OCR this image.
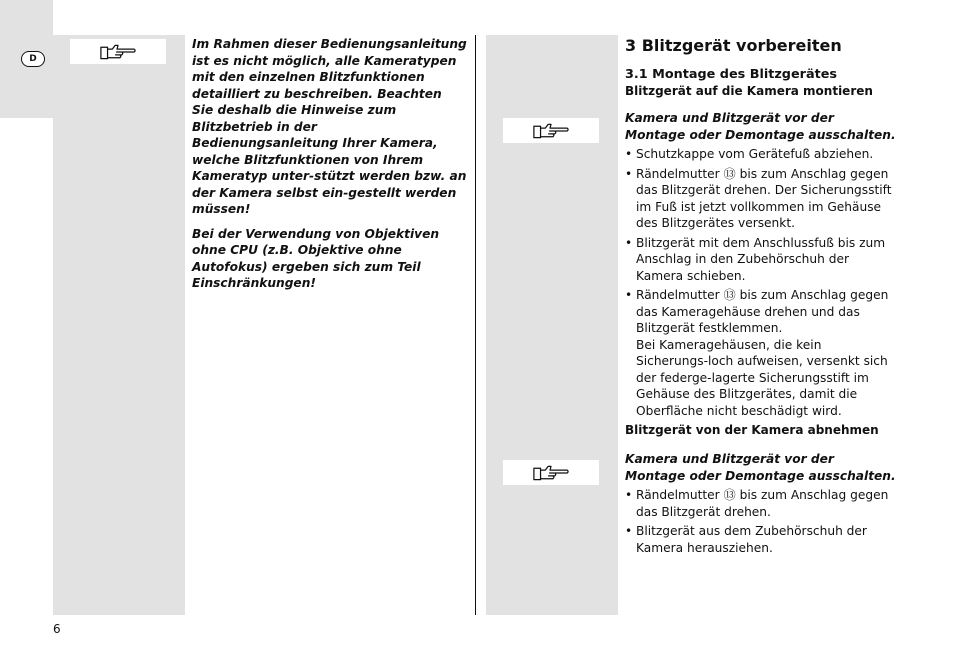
D

Im Rahmen dieser Bedienungsanleitung ist es nicht möglich, alle Kameratypen mit den einzelnen Blitzfunktionen detailliert zu beschreiben. Beachten Sie deshalb die Hinweise zum Blitzbetrieb in der Bedienungsanleitung Ihrer Kamera, welche Blitzfunktionen von Ihrem Kameratyp unter-stützt werden bzw. an der Kamera selbst ein-gestellt werden müssen!

Bei der Verwendung von Objektiven ohne CPU (z.B. Objektive ohne Autofokus) ergeben sich zum Teil Einschränkungen!

3 Blitzgerät vorbereiten
3.1 Montage des Blitzgerätes
Blitzgerät auf die Kamera montieren
Kamera und Blitzgerät vor der Montage oder Demontage ausschalten.
• Schutzkappe vom Gerätefuß abziehen.
• Rändelmutter ⑬ bis zum Anschlag gegen das Blitzgerät drehen. Der Sicherungsstift im Fuß ist jetzt vollkommen im Gehäuse des Blitzgerätes versenkt.
• Blitzgerät mit dem Anschlussfuß bis zum Anschlag in den Zubehörschuh der Kamera schieben.
• Rändelmutter ⑬ bis zum Anschlag gegen das Kameragehäuse drehen und das Blitzgerät festklemmen.
Bei Kameragehäusen, die kein Sicherungs-loch aufweisen, versenkt sich der federge-lagerte Sicherungsstift im Gehäuse des Blitzgerätes, damit die Oberfläche nicht beschädigt wird.
Blitzgerät von der Kamera abnehmen
Kamera und Blitzgerät vor der Montage oder Demontage ausschalten.
• Rändelmutter ⑬ bis zum Anschlag gegen das Blitzgerät drehen.
• Blitzgerät aus dem Zubehörschuh der Kamera herausziehen.
6
